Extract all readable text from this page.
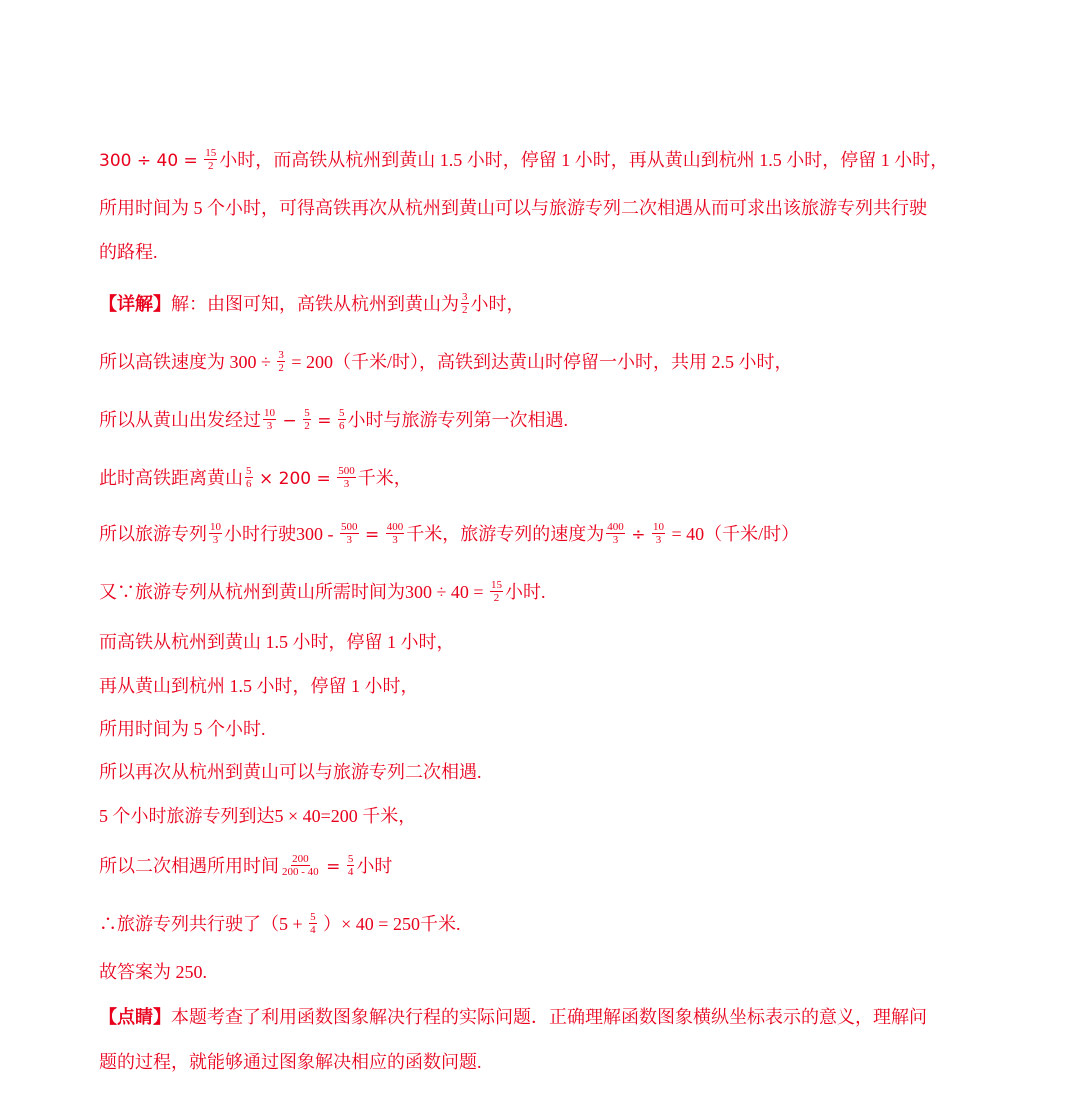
$300 \div 40 = \frac{15}{2}$ 小时，而高铁从杭州到黄山 1.5 小时，停留 1 小时，再从黄山到杭州 1.5 小时，停留 1 小时，
所用时间为 5 个小时，可得高铁再次从杭州到黄山可以与旅游专列二次相遇从而可求出该旅游专列共行驶
的路程.
【详解】解：由图可知，高铁从杭州到黄山为 $\frac{3}{2}$ 小时，
所以高铁速度为 $300 \div \frac{3}{2} = 200$（千米/时），高铁到达黄山时停留一小时，共用 2.5 小时，
所以从黄山出发经过 $\frac{10}{3} - \frac{5}{2} = \frac{5}{6}$ 小时与旅游专列第一次相遇.
此时高铁距离黄山 $\frac{5}{6} \times 200 = \frac{500}{3}$ 千米，
所以旅游专列 $\frac{10}{3}$ 小时行驶$300 - \frac{500}{3} = \frac{400}{3}$ 千米，旅游专列的速度为 $\frac{400}{3} \div \frac{10}{3} = 40$（千米/时）
又∵旅游专列从杭州到黄山所需时间为$300 \div 40 = \frac{15}{2}$ 小时.
而高铁从杭州到黄山 1.5 小时，停留 1 小时，
再从黄山到杭州 1.5 小时，停留 1 小时，
所用时间为 5 个小时.
所以再次从杭州到黄山可以与旅游专列二次相遇.
5 个小时旅游专列到达5 × 40=200 千米，
所以二次相遇所用时间 $\frac{200}{200 - 40} = \frac{5}{4}$ 小时
∴旅游专列共行驶了（$5 + \frac{5}{4}$ ）× 40 = 250千米.
故答案为 250.
【点睛】本题考查了利用函数图象解决行程的实际问题．正确理解函数图象横纵坐标表示的意义，理解问
题的过程，就能够通过图象解决相应的函数问题.
